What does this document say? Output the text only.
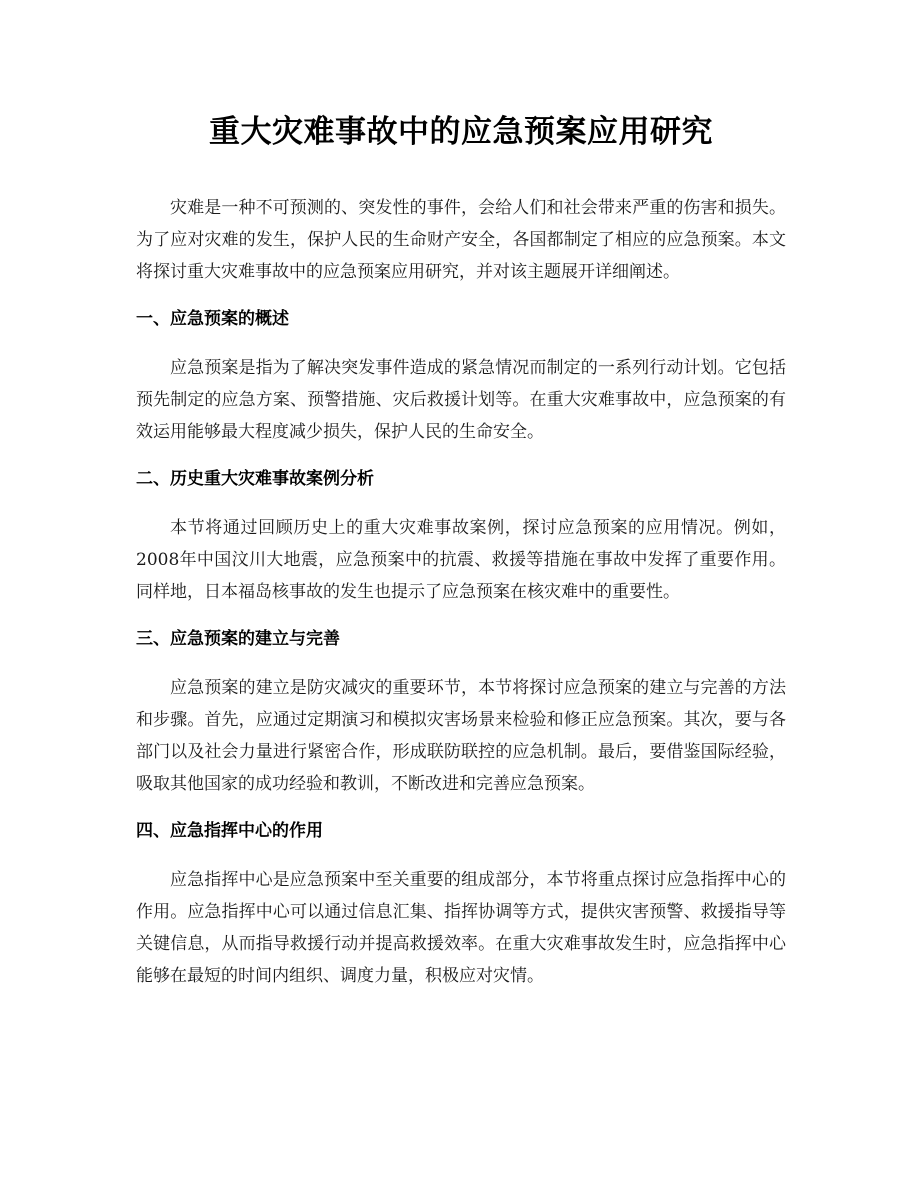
重大灾难事故中的应急预案应用研究

灾难是一种不可预测的、突发性的事件，会给人们和社会带来严重的伤害和损失。为了应对灾难的发生，保护人民的生命财产安全，各国都制定了相应的应急预案。本文将探讨重大灾难事故中的应急预案应用研究，并对该主题展开详细阐述。

一、应急预案的概述

应急预案是指为了解决突发事件造成的紧急情况而制定的一系列行动计划。它包括预先制定的应急方案、预警措施、灾后救援计划等。在重大灾难事故中，应急预案的有效运用能够最大程度减少损失，保护人民的生命安全。

二、历史重大灾难事故案例分析

本节将通过回顾历史上的重大灾难事故案例，探讨应急预案的应用情况。例如，2008年中国汶川大地震，应急预案中的抗震、救援等措施在事故中发挥了重要作用。同样地，日本福岛核事故的发生也提示了应急预案在核灾难中的重要性。

三、应急预案的建立与完善

应急预案的建立是防灾减灾的重要环节，本节将探讨应急预案的建立与完善的方法和步骤。首先，应通过定期演习和模拟灾害场景来检验和修正应急预案。其次，要与各部门以及社会力量进行紧密合作，形成联防联控的应急机制。最后，要借鉴国际经验，吸取其他国家的成功经验和教训，不断改进和完善应急预案。

四、应急指挥中心的作用

应急指挥中心是应急预案中至关重要的组成部分，本节将重点探讨应急指挥中心的作用。应急指挥中心可以通过信息汇集、指挥协调等方式，提供灾害预警、救援指导等关键信息，从而指导救援行动并提高救援效率。在重大灾难事故发生时，应急指挥中心能够在最短的时间内组织、调度力量，积极应对灾情。
